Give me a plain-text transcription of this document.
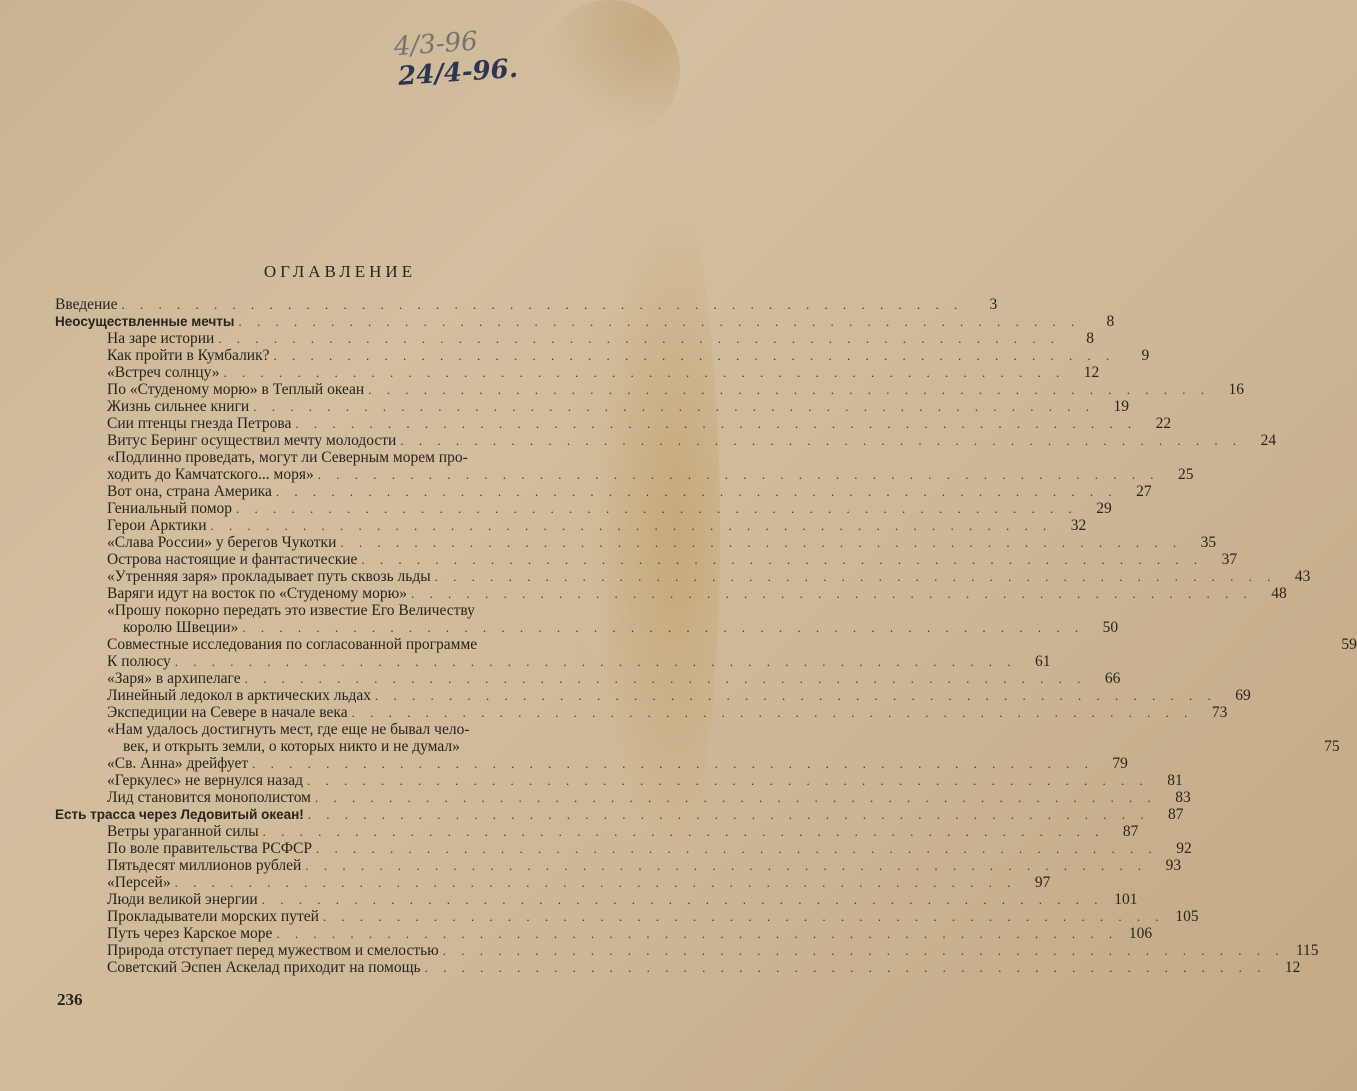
4/3-96
24/4-96.
ОГЛАВЛЕНИЕ
Введение . . .	3
Неосуществленные мечты . . .	8
На заре истории . . .	8
Как пройти в Кумбалик? . . .	9
«Встреч солнцу» . . .	12
По «Студеному морю» в Теплый океан . . .	16
Жизнь сильнее книги . . .	19
Сии птенцы гнезда Петрова . . .	22
Витус Беринг осуществил мечту молодости . . .	24
«Подлинно проведать, могут ли Северным морем про-
ходить до Камчатского... моря» . . .	25
Вот она, страна Америка . . .	27
Гениальный помор . . .	29
Герои Арктики . . .	32
«Слава России» у берегов Чукотки . . .	35
Острова настоящие и фантастические . . .	37
«Утренняя заря» прокладывает путь сквозь льды . . .	43
Варяги идут на восток по «Студеному морю» . . .	48
«Прошу покорно передать это известие Его Величеству
королю Швеции» . . .	50
Совместные исследования по согласованной программе	59
К полюсу . . .	61
«Заря» в архипелаге . . .	66
Линейный ледокол в арктических льдах . . .	69
Экспедиции на Севере в начале века . . .	73
«Нам удалось достигнуть мест, где еще не бывал чело-
век, и открыть земли, о которых никто и не думал»	75
«Св. Анна» дрейфует . . .	79
«Геркулес» не вернулся назад . . .	81
Лид становится монополистом . . .	83
Есть трасса через Ледовитый океан! . . .	87
Ветры ураганной силы . . .	87
По воле правительства РСФСР . . .	92
Пятьдесят миллионов рублей . . .	93
«Персей» . . .	97
Люди великой энергии . . .	101
Прокладыватели морских путей . . .	105
Путь через Карское море . . .	106
Природа отступает перед мужеством и смелостью . . .	115
Советский Эспен Аскелад приходит на помощь . . .	12
236
